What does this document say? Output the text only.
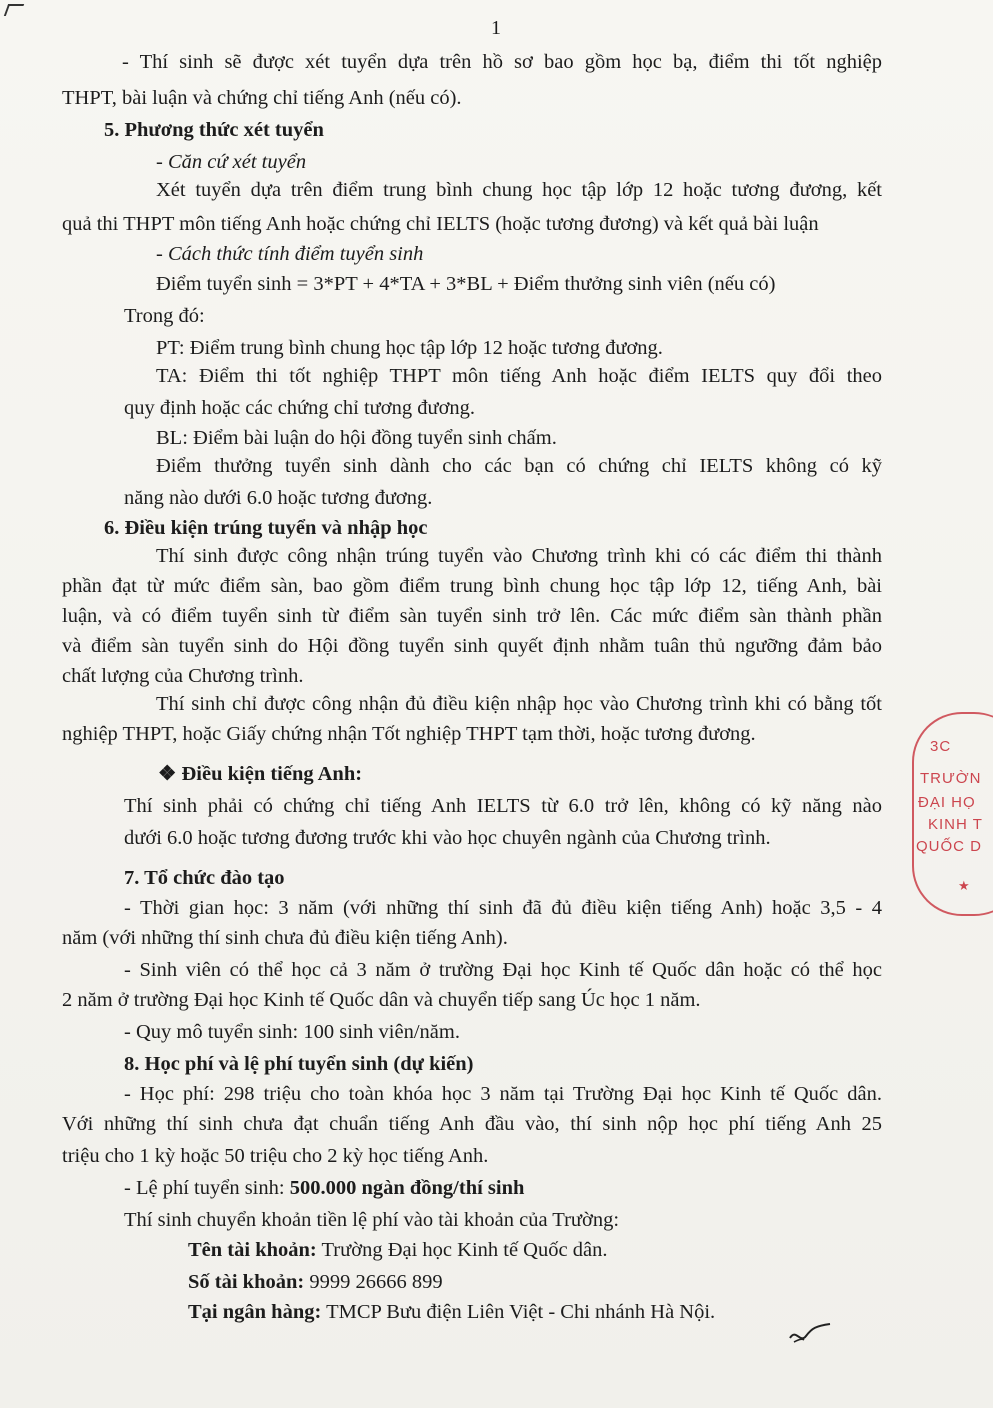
1
- Thí sinh sẽ được xét tuyển dựa trên hồ sơ bao gồm học bạ, điểm thi tốt nghiệp
THPT, bài luận và chứng chỉ tiếng Anh (nếu có).
5. Phương thức xét tuyển
- Căn cứ xét tuyển
Xét tuyển dựa trên điểm trung bình chung học tập lớp 12 hoặc tương đương, kết
quả thi THPT môn tiếng Anh hoặc chứng chỉ IELTS (hoặc tương đương) và kết quả bài luận
- Cách thức tính điểm tuyển sinh
Điểm tuyển sinh = 3*PT + 4*TA + 3*BL + Điểm thưởng sinh viên (nếu có)
Trong đó:
PT: Điểm trung bình chung học tập lớp 12 hoặc tương đương.
TA: Điểm thi tốt nghiệp THPT môn tiếng Anh hoặc điểm IELTS quy đổi theo
quy định hoặc các chứng chỉ tương đương.
BL: Điểm bài luận do hội đồng tuyển sinh chấm.
Điểm thưởng tuyển sinh dành cho các bạn có chứng chỉ IELTS không có kỹ
năng nào dưới 6.0 hoặc tương đương.
6. Điều kiện trúng tuyển và nhập học
Thí sinh được công nhận trúng tuyển vào Chương trình khi có các điểm thi thành
phần đạt từ mức điểm sàn, bao gồm điểm trung bình chung học tập lớp 12, tiếng Anh, bài
luận, và có điểm tuyển sinh từ điểm sàn tuyển sinh trở lên. Các mức điểm sàn thành phần
và điểm sàn tuyển sinh do Hội đồng tuyển sinh quyết định nhằm tuân thủ ngưỡng đảm bảo
chất lượng của Chương trình.
Thí sinh chỉ được công nhận đủ điều kiện nhập học vào Chương trình khi có bằng tốt
nghiệp THPT, hoặc Giấy chứng nhận Tốt nghiệp THPT tạm thời, hoặc tương đương.
❖ Điều kiện tiếng Anh:
Thí sinh phải có chứng chỉ tiếng Anh IELTS từ 6.0 trở lên, không có kỹ năng nào
dưới 6.0 hoặc tương đương trước khi vào học chuyên ngành của Chương trình.
7. Tổ chức đào tạo
- Thời gian học: 3 năm (với những thí sinh đã đủ điều kiện tiếng Anh) hoặc 3,5 - 4
năm (với những thí sinh chưa đủ điều kiện tiếng Anh).
- Sinh viên có thể học cả 3 năm ở trường Đại học Kinh tế Quốc dân hoặc có thể học
2 năm ở trường Đại học Kinh tế Quốc dân và chuyển tiếp sang Úc học 1 năm.
- Quy mô tuyển sinh: 100 sinh viên/năm.
8. Học phí và lệ phí tuyển sinh (dự kiến)
- Học phí: 298 triệu cho toàn khóa học 3 năm tại Trường Đại học Kinh tế Quốc dân.
Với những thí sinh chưa đạt chuẩn tiếng Anh đầu vào, thí sinh nộp học phí tiếng Anh 25
triệu cho 1 kỳ hoặc 50 triệu cho 2 kỳ học tiếng Anh.
- Lệ phí tuyển sinh: 500.000 ngàn đồng/thí sinh
Thí sinh chuyển khoản tiền lệ phí vào tài khoản của Trường:
Tên tài khoản: Trường Đại học Kinh tế Quốc dân.
Số tài khoản: 9999 26666 899
Tại ngân hàng: TMCP Bưu điện Liên Việt - Chi nhánh Hà Nội.
3C
TRƯỜN
ĐẠI HỌ
KINH T
QUỐC D
★
